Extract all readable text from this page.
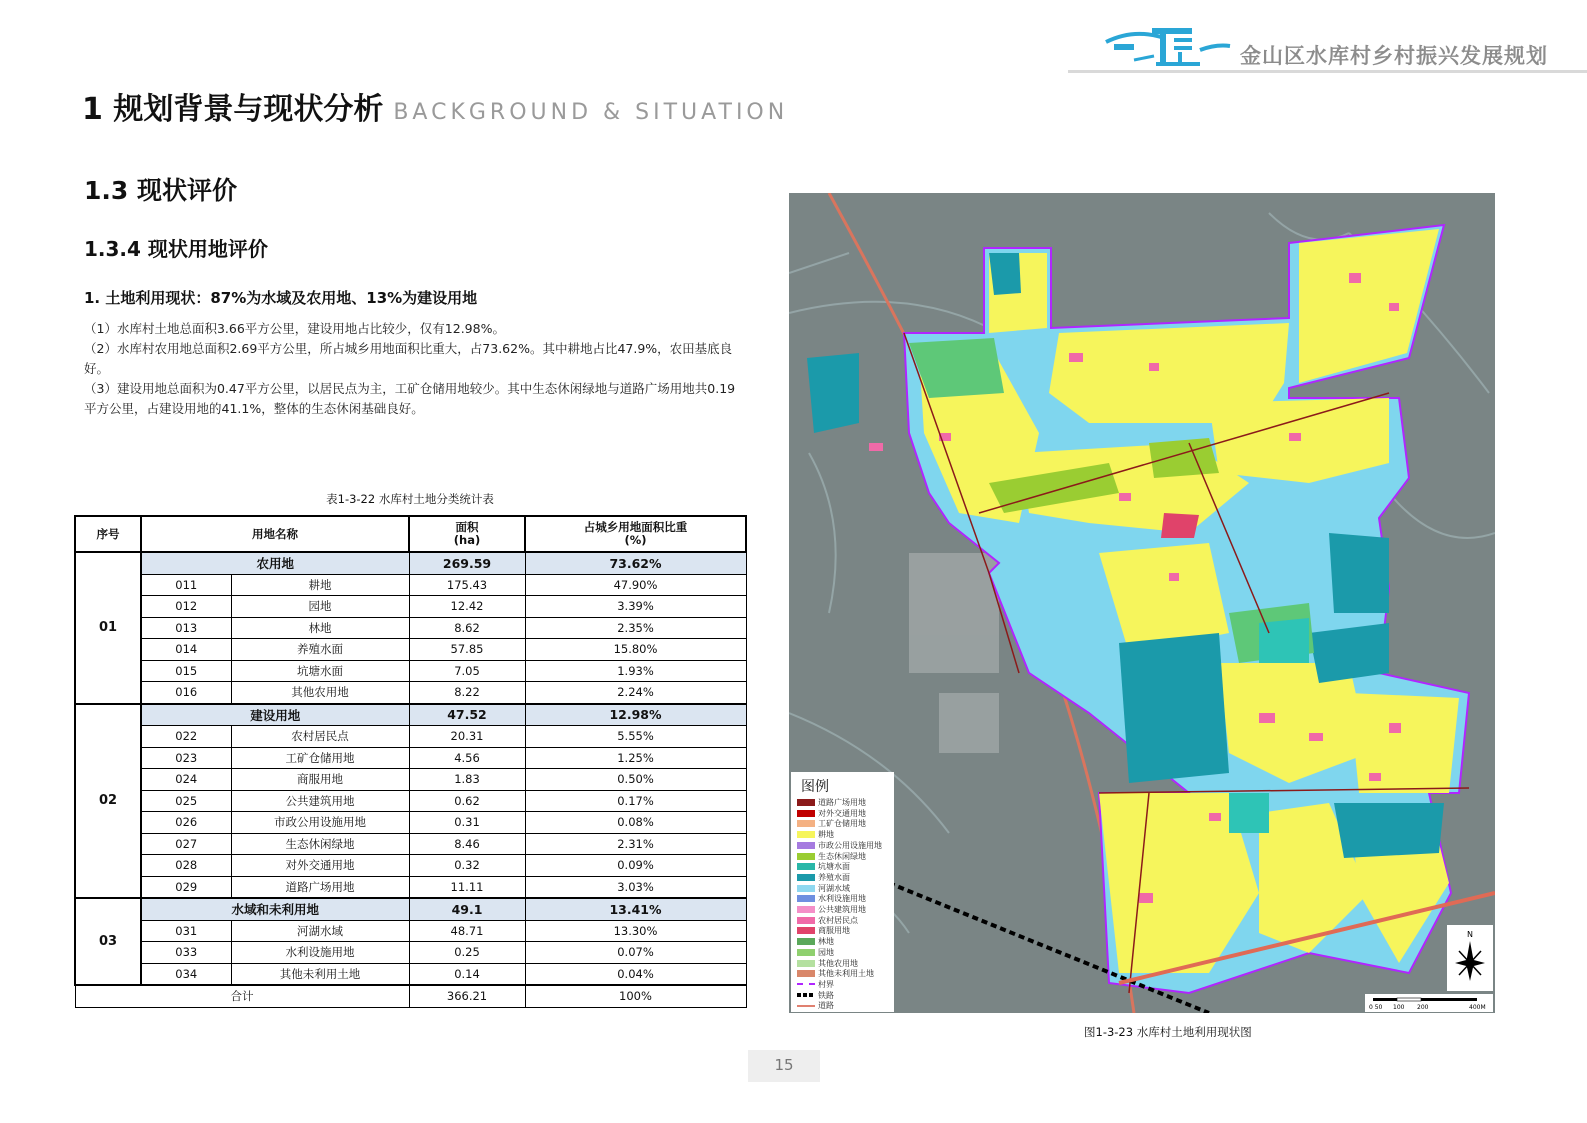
金山区水库村乡村振兴发展规划
1 规划背景与现状分析 BACKGROUND & SITUATION
1.3 现状评价
1.3.4 现状用地评价
1. 土地利用现状：87%为水域及农用地、13%为建设用地

（1）水库村土地总面积3.66平方公里，建设用地占比较少，仅有12.98%。

（2）水库村农用地总面积2.69平方公里，所占城乡用地面积比重大，占73.62%。其中耕地占比47.9%，农田基底良好。

（3）建设用地总面积为0.47平方公里，以居民点为主，工矿仓储用地较少。其中生态休闲绿地与道路广场用地共0.19平方公里，占建设用地的41.1%，整体的生态休闲基础良好。

表1-3-22 水库村土地分类统计表
序号	用地名称		面积
(ha)	占城乡用地面积比重
(%)
01	农用地		269.59	73.62%
	011	耕地	175.43	47.90%
	012	园地	12.42	3.39%
	013	林地	8.62	2.35%
	014	养殖水面	57.85	15.80%
	015	坑塘水面	7.05	1.93%
	016	其他农用地	8.22	2.24%
02	建设用地		47.52	12.98%
	022	农村居民点	20.31	5.55%
	023	工矿仓储用地	4.56	1.25%
	024	商服用地	1.83	0.50%
	025	公共建筑用地	0.62	0.17%
	026	市政公用设施用地	0.31	0.08%
	027	生态休闲绿地	8.46	2.31%
	028	对外交通用地	0.32	0.09%
	029	道路广场用地	11.11	3.03%
03	水域和未利用地		49.1	13.41%
	031	河湖水域	48.71	13.30%
	033	水利设施用地	0.25	0.07%
	034	其他未利用土地	0.14	0.04%
合计			366.21	100%
图例
道路广场用地
对外交通用地
工矿仓储用地
耕地
市政公用设施用地
生态休闲绿地
坑塘水面
养殖水面
河湖水域
水利设施用地
公共建筑用地
农村居民点
商服用地
林地
园地
其他农用地
其他未利用土地
村界
铁路
道路
N
0 50 100 200	400M
图1-3-23 水库村土地利用现状图
15
